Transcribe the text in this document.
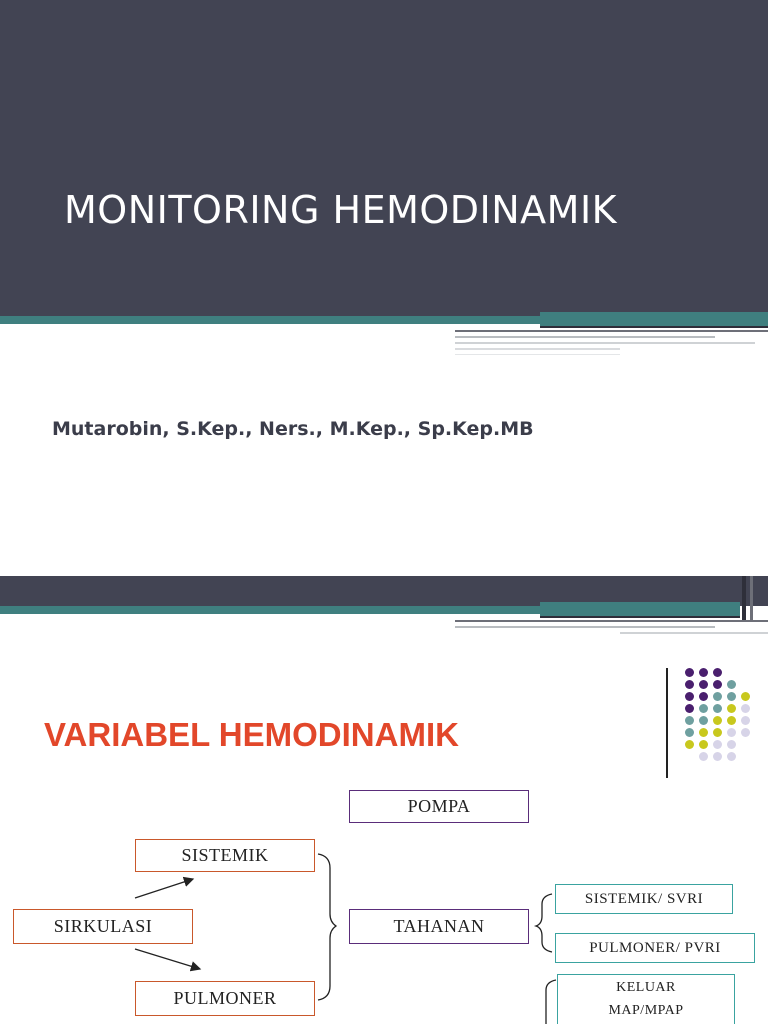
MONITORING HEMODINAMIK
Mutarobin, S.Kep., Ners., M.Kep., Sp.Kep.MB
VARIABEL HEMODINAMIK
POMPA
SISTEMIK
SIRKULASI	TAHANAN
PULMONER
SISTEMIK/ SVRI
PULMONER/ PVRI
KELUAR
MAP/MPAP
